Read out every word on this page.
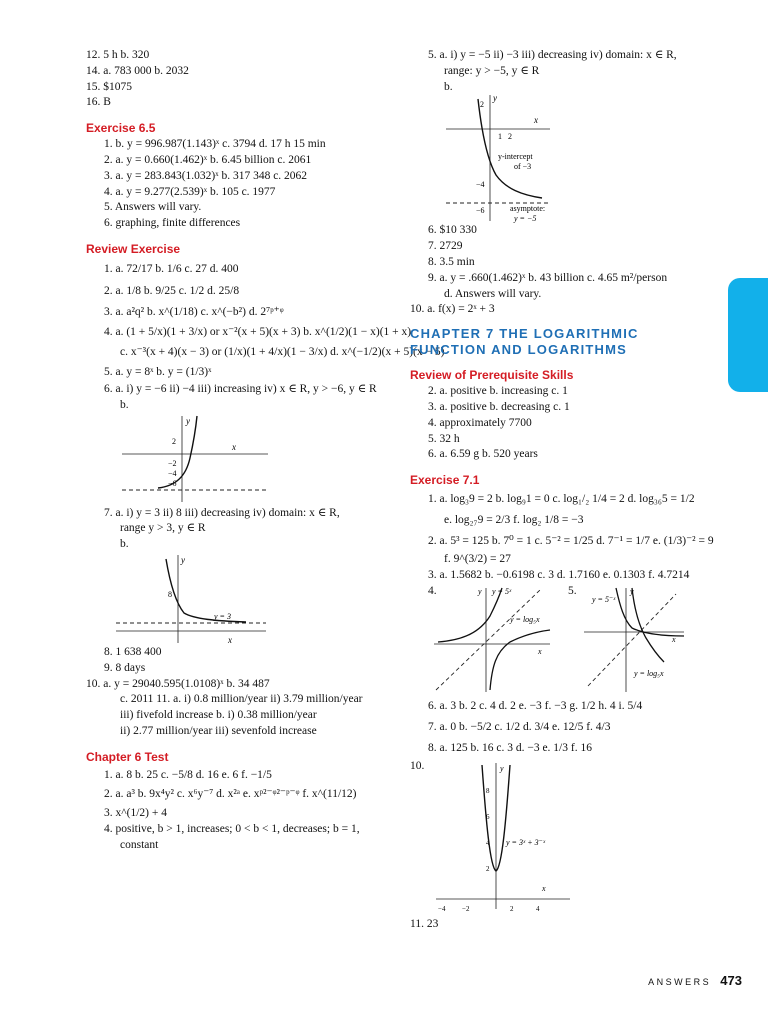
12. 5 h b. 320
14. a. 783 000 b. 2032
15. $1075
16. B
Exercise 6.5
1. b. y = 996.987(1.143)ˣ c. 3794 d. 17 h 15 min
2. a. y = 0.660(1.462)ˣ b. 6.45 billion c. 2061
3. a. y = 283.843(1.032)ˣ b. 317 348 c. 2062
4. a. y = 9.277(2.539)ˣ b. 105 c. 1977
5. Answers will vary.
6. graphing, finite differences
Review Exercise
1. a. 72/17 b. 1/6 c. 27 d. 400
2. a. 1/8 b. 9/25 c. 1/2 d. 25/8
3. a. a²q² b. x^(1/18) c. x^(−b²) d. 2⁷ᵖ⁺ᵠ
4. a. (1 + 5/x)(1 + 3/x) or x⁻²(x + 5)(x + 3) b. x^(1/2)(1 − x)(1 + x)
c. x⁻³(x + 4)(x − 3) or (1/x)(1 + 4/x)(1 − 3/x) d. x^(−1/2)(x + 5)(x − 5)
5. a. y = 8ˣ b. y = (1/3)ˣ
6. a. i) y = −6 ii) −4 iii) increasing iv) x ∈ R, y > −6, y ∈ R
b.
x
y
2
−2
−4
−6
7. a. i) y = 3 ii) 8 iii) decreasing iv) domain: x ∈ R,
range y > 3, y ∈ R
b.
x
y
8
y = 3
8. 1 638 400
9. 8 days
10. a. y = 29040.595(1.0108)ˣ b. 34 487
c. 2011 11. a. i) 0.8 million/year ii) 3.79 million/year
iii) fivefold increase b. i) 0.38 million/year
ii) 2.77 million/year iii) sevenfold increase
Chapter 6 Test
1. a. 8 b. 25 c. −5/8 d. 16 e. 6 f. −1/5
2. a. a³ b. 9x⁴y² c. x⁶y⁻⁷ d. x²ᵃ e. xᵖ²⁻ᵠ²⁻ᵖ⁻ᵠ f. x^(11/12)
3. x^(1/2) + 4
4. positive, b > 1, increases; 0 < b < 1, decreases; b = 1,
constant
5. a. i) y = −5 ii) −3 iii) decreasing iv) domain: x ∈ R,
range: y > −5, y ∈ R
b.
x
y
2
1 2
−4
−6
y-intercept
of −3
asymptote:
y = −5
6. $10 330
7. 2729
8. 3.5 min
9. a. y = .660(1.462)ˣ b. 43 billion c. 4.65 m²/person
d. Answers will vary.
10. a. f(x) = 2ˣ + 3
CHAPTER 7 THE LOGARITHMIC
FUNCTION AND LOGARITHMS
Review of Prerequisite Skills
2. a. positive b. increasing c. 1
3. a. positive b. decreasing c. 1
4. approximately 7700
5. 32 h
6. a. 6.59 g b. 520 years
Exercise 7.1
1. a. log₃9 = 2 b. log₉1 = 0 c. log₁/₂ 1/4 = 2 d. log₃₆5 = 1/2
e. log₂₇9 = 2/3 f. log₂ 1/8 = −3
2. a. 5³ = 125 b. 7⁰ = 1 c. 5⁻² = 1/25 d. 7⁻¹ = 1/7 e. (1/3)⁻² = 9
f. 9^(3/2) = 27
3. a. 1.5682 b. −0.6198 c. 3 d. 1.7160 e. 0.1303 f. 4.7214
4.	5.
x
y y = 5ˣ
y = log₅x
x
y
y = 5⁻ˣ
y = log₅x
6. a. 3 b. 2 c. 4 d. 2 e. −3 f. −3 g. 1/2 h. 4 i. 5/4
7. a. 0 b. −5/2 c. 1/2 d. 3/4 e. 12/5 f. 4/3
8. a. 125 b. 16 c. 3 d. −3 e. 1/3 f. 16
10.
x
y
8
6
4
2
−4 −2	2	4
y = 3ˣ + 3⁻ˣ
11. 23
ANSWERS 473
